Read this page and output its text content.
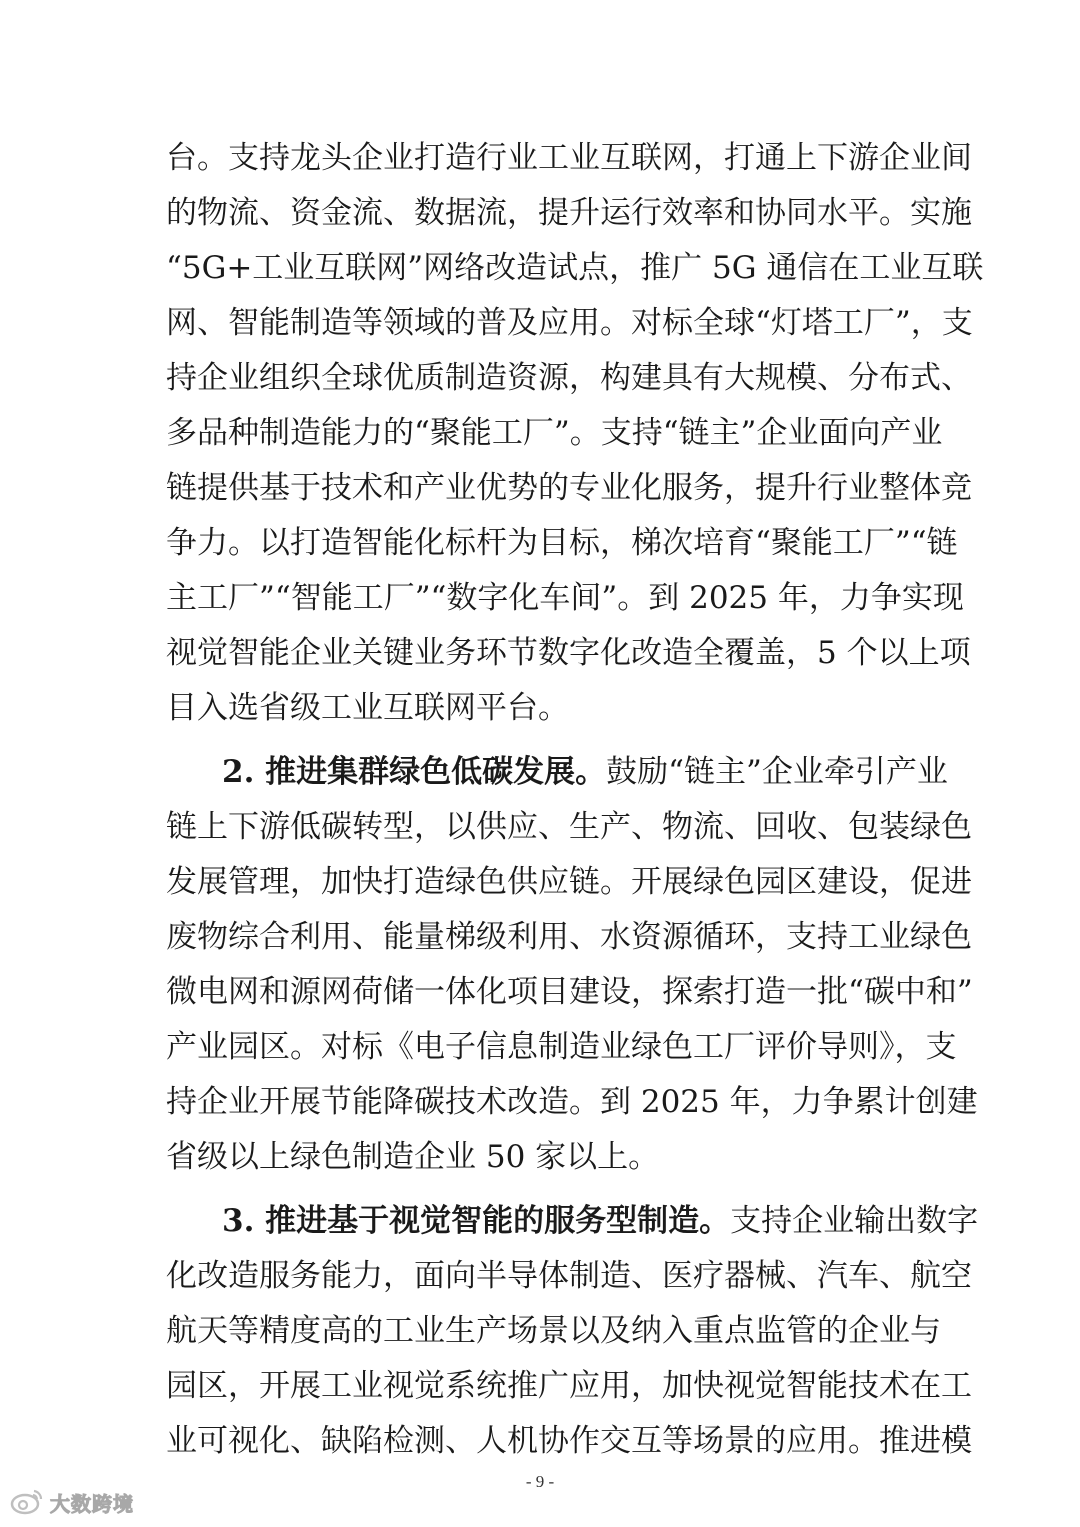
台。支持龙头企业打造行业工业互联网，打通上下游企业间
的物流、资金流、数据流，提升运行效率和协同水平。实施
“5G+工业互联网”网络改造试点，推广 5G 通信在工业互联
网、智能制造等领域的普及应用。对标全球“灯塔工厂”，支
持企业组织全球优质制造资源，构建具有大规模、分布式、
多品种制造能力的“聚能工厂”。支持“链主”企业面向产业
链提供基于技术和产业优势的专业化服务，提升行业整体竞
争力。以打造智能化标杆为目标，梯次培育“聚能工厂”“链
主工厂”“智能工厂”“数字化车间”。到 2025 年，力争实现
视觉智能企业关键业务环节数字化改造全覆盖，5 个以上项
目入选省级工业互联网平台。
2. 推进集群绿色低碳发展。鼓励“链主”企业牵引产业
链上下游低碳转型，以供应、生产、物流、回收、包装绿色
发展管理，加快打造绿色供应链。开展绿色园区建设，促进
废物综合利用、能量梯级利用、水资源循环，支持工业绿色
微电网和源网荷储一体化项目建设，探索打造一批“碳中和”
产业园区。对标《电子信息制造业绿色工厂评价导则》，支
持企业开展节能降碳技术改造。到 2025 年，力争累计创建
省级以上绿色制造企业 50 家以上。
3. 推进基于视觉智能的服务型制造。支持企业输出数字
化改造服务能力，面向半导体制造、医疗器械、汽车、航空
航天等精度高的工业生产场景以及纳入重点监管的企业与
园区，开展工业视觉系统推广应用，加快视觉智能技术在工
业可视化、缺陷检测、人机协作交互等场景的应用。推进模
- 9 -
大数跨境
